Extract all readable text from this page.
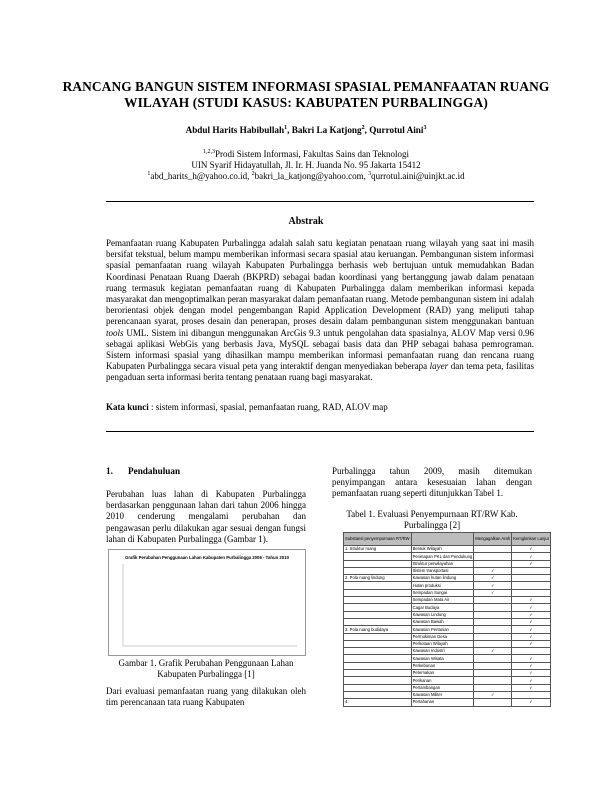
RANCANG BANGUN SISTEM INFORMASI SPASIAL PEMANFAATAN RUANG WILAYAH (STUDI KASUS: KABUPATEN PURBALINGGA)
Abdul Harits Habibullah$^1$, Bakri La Katjong$^2$, Qurrotul Aini$^3$
$^{1,2,3}$Prodi Sistem Informasi, Fakultas Sains dan Teknologi
UIN Syarif Hidayatullah, Jl. Ir. H. Juanda No. 95 Jakarta 15412
$^1$abd_harits_h@yahoo.co.id, $^2$bakri_la_katjong@yahoo.com, $^3$qurrotul.aini@uinjkt.ac.id
Abstrak
Pemanfaatan ruang Kabupaten Purbalingga adalah salah satu kegiatan penataan ruang wilayah yang saat ini masih bersifat tekstual, belum mampu memberikan informasi secara spasial atau keruangan. Pembangunan sistem informasi spasial pemanfaatan ruang wilayah Kabupaten Purbalingga berhasis web bertujuan untuk memudahkan Badan Koordinasi Penataan Ruang Daerah (BKPRD) sebagai badan koordinasi yang bertanggung jawab dalam penataan ruang termasuk kegiatan pemanfaatan ruang di Kabupaten Purbalingga dalam memberikan informasi kepada masyarakat dan mengoptimalkan peran masyarakat dalam pemanfaatan ruang. Metode pembangunan sistem ini adalah berorientasi objek dengan model pengembangan Rapid Application Development (RAD) yang meliputi tahap perencanaan syarat, proses desain dan penerapan, proses desain dalam pembangunan sistem menggunakan bantuan tools UML. Sistem ini dibangun menggunakan ArcGis 9.3 untuk pengolahan data spasialnya, ALOV Map versi 0.96 sebagai aplikasi WebGis yang berbasis Java, MySQL sebagai basis data dan PHP sebagai bahasa pemrograman. Sistem informasi spasial yang dihasilkan mampu memberikan informasi pemanfaatan ruang dan rencana ruang Kabupaten Purbalingga secara visual peta yang interaktif dengan menyediakan beberapa layer dan tema peta, fasilitas pengaduan serta informasi berita tentang penataan ruang bagi masyarakat.
Kata kunci : sistem informasi, spasial, pemanfaatan ruang, RAD, ALOV map
1. Pendahuluan
Perubahan luas lahan di Kabupaten Purbalingga berdasarkan penggunaan lahan dari tahun 2006 hingga 2010 cenderung mengalami perubahan dan pengawasan perlu dilakukan agar sesuai dengan fungsi lahan di Kabupaten Purbalingga (Gambar 1).
Grafik Perubahan Penggunaan Lahan Kabupaten Purbalingga 2006 - Tahun 2010
Gambar 1. Grafik Perubahan Penggunaan Lahan Kabupaten Purbalingga [1]
Dari evaluasi pemanfaatan ruang yang dilakukan oleh tim perencanaan tata ruang Kabupaten
Purbalingga tahun 2009, masih ditemukan penyimpangan antara kesesuaian lahan dengan pemanfaatan ruang seperti ditunjukkan Tabel 1.
Tabel 1. Evaluasi Penyempurnaan RT/RW Kab. Purbalingga [2]
Substansi penyempurnaan RT/RW		Mengagalkan Arah	Kemgkinkan Lanjut
1. Struktur ruang	Bentuk Wilayah		✓
	Penetapan PKL dan Pendukung		✓
	Struktur perwilayahan		✓
	Sistem transportasi	✓	
2. Pola ruang lindung	Kawasan hutan lindung	✓	
	Hutan produksi	✓	
	Sempadan Sungai	✓	
	Sempadan Mata Air		✓
	Cagar Budaya		✓
	Kawasan Lindung		✓
	Kawasan Bawah		✓
3. Pola ruang budidaya	Kawasan Pertanian		✓
	Permukiman Desa		✓
	Perkotaan Wilayah		✓
	Kawasan Industri	✓	
	Kawasan Wisata		✓
	Perkebunan		✓
	Peternakan		✓
	Perikanan		✓
	Pertambangan		✓
	Kawasan Militer	✓	
4.	Pertahanan		✓
